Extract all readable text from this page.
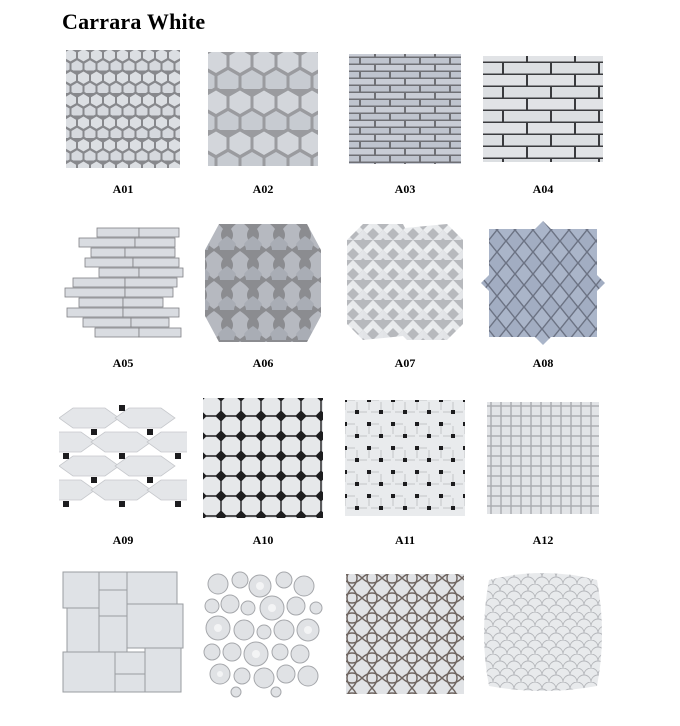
Carrara White
A01	A02	A03	A04
A05	A06	A07	A08
A09	A10	A11	A12
